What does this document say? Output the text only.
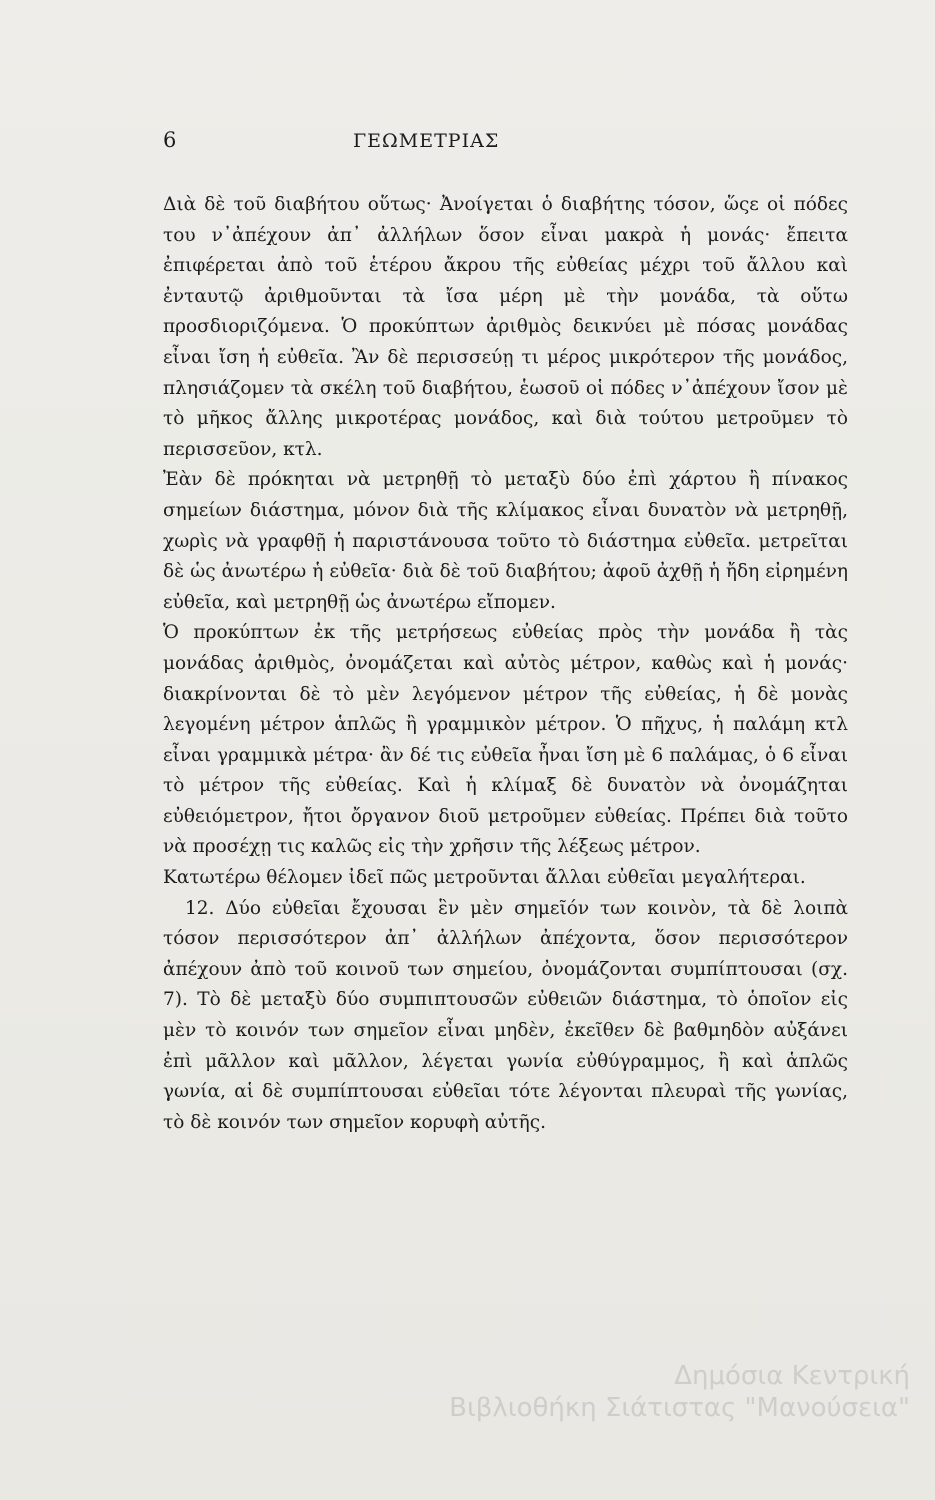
6	ΓΕΩΜΕΤΡΙΑΣ

Διὰ δὲ τοῦ διαβήτου οὕτως· Ἀνοίγεται ὁ διαβήτης τόσον, ὥςε οἱ πόδες του ν᾽ἀπέχουν ἀπ᾽ ἀλλήλων ὅσον εἶναι μακρὰ ἡ μονάς· ἔπειτα ἐπιφέρεται ἀπὸ τοῦ ἑτέρου ἄκρου τῆς εὐθείας μέχρι τοῦ ἄλλου καὶ ἐνταυτῷ ἀριθμοῦνται τὰ ἴσα μέρη μὲ τὴν μονάδα, τὰ οὕτω προσδιοριζόμενα. Ὁ προκύπτων ἀριθμὸς δεικνύει μὲ πόσας μονάδας εἶναι ἴση ἡ εὐθεῖα. Ἂν δὲ περισσεύῃ τι μέρος μικρότερον τῆς μονάδος, πλησιάζομεν τὰ σκέλη τοῦ διαβήτου, ἑωσοῦ οἱ πόδες ν᾽ἀπέχουν ἴσον μὲ τὸ μῆκος ἄλλης μικροτέρας μονάδος, καὶ διὰ τούτου μετροῦμεν τὸ περισσεῦον, κτλ.

Ἐὰν δὲ πρόκηται νὰ μετρηθῇ τὸ μεταξὺ δύο ἐπὶ χάρτου ἢ πίνακος σημείων διάστημα, μόνον διὰ τῆς κλίμακος εἶναι δυνατὸν νὰ μετρηθῇ, χωρὶς νὰ γραφθῇ ἡ παριστάνουσα τοῦτο τὸ διάστημα εὐθεῖα. μετρεῖται δὲ ὡς ἀνωτέρω ἡ εὐθεῖα· διὰ δὲ τοῦ διαβήτου; ἀφοῦ ἀχθῇ ἡ ἤδη εἰρημένη εὐθεῖα, καὶ μετρηθῇ ὡς ἀνωτέρω εἴπομεν.

Ὁ προκύπτων ἐκ τῆς μετρήσεως εὐθείας πρὸς τὴν μονάδα ἢ τὰς μονάδας ἀριθμὸς, ὀνομάζεται καὶ αὐτὸς μέτρον, καθὼς καὶ ἡ μονάς· διακρίνονται δὲ τὸ μὲν λεγόμενον μέτρον τῆς εὐθείας, ἡ δὲ μονὰς λεγομένη μέτρον ἁπλῶς ἢ γραμμικὸν μέτρον. Ὁ πῆχυς, ἡ παλάμη κτλ εἶναι γραμμικὰ μέτρα· ἂν δέ τις εὐθεῖα ἦναι ἴση μὲ 6 παλάμας, ὁ 6 εἶναι τὸ μέτρον τῆς εὐθείας. Καὶ ἡ κλίμαξ δὲ δυνατὸν νὰ ὀνομάζηται εὐθειόμετρον, ἤτοι ὄργανον διοῦ μετροῦμεν εὐθείας. Πρέπει διὰ τοῦτο νὰ προσέχῃ τις καλῶς εἰς τὴν χρῆσιν τῆς λέξεως μέτρον.

Κατωτέρω θέλομεν ἰδεῖ πῶς μετροῦνται ἄλλαι εὐθεῖαι μεγαλήτεραι.

12. Δύο εὐθεῖαι ἔχουσαι ἓν μὲν σημεῖόν των κοινὸν, τὰ δὲ λοιπὰ τόσον περισσότερον ἀπ᾽ ἀλλήλων ἀπέχοντα, ὅσον περισσότερον ἀπέχουν ἀπὸ τοῦ κοινοῦ των σημείου, ὀνομάζονται συμπίπτουσαι (σχ. 7). Τὸ δὲ μεταξὺ δύο συμπιπτουσῶν εὐθειῶν διάστημα, τὸ ὁποῖον εἰς μὲν τὸ κοινόν των σημεῖον εἶναι μηδὲν, ἐκεῖθεν δὲ βαθμηδὸν αὐξάνει ἐπὶ μᾶλλον καὶ μᾶλλον, λέγεται γωνία εὐθύγραμμος, ἢ καὶ ἁπλῶς γωνία, αἱ δὲ συμπίπτουσαι εὐθεῖαι τότε λέγονται πλευραὶ τῆς γωνίας, τὸ δὲ κοινόν των σημεῖον κορυφὴ αὐτῆς.

Δημόσια Κεντρική
Βιβλιοθήκη Σιάτιστας "Μανούσεια"
